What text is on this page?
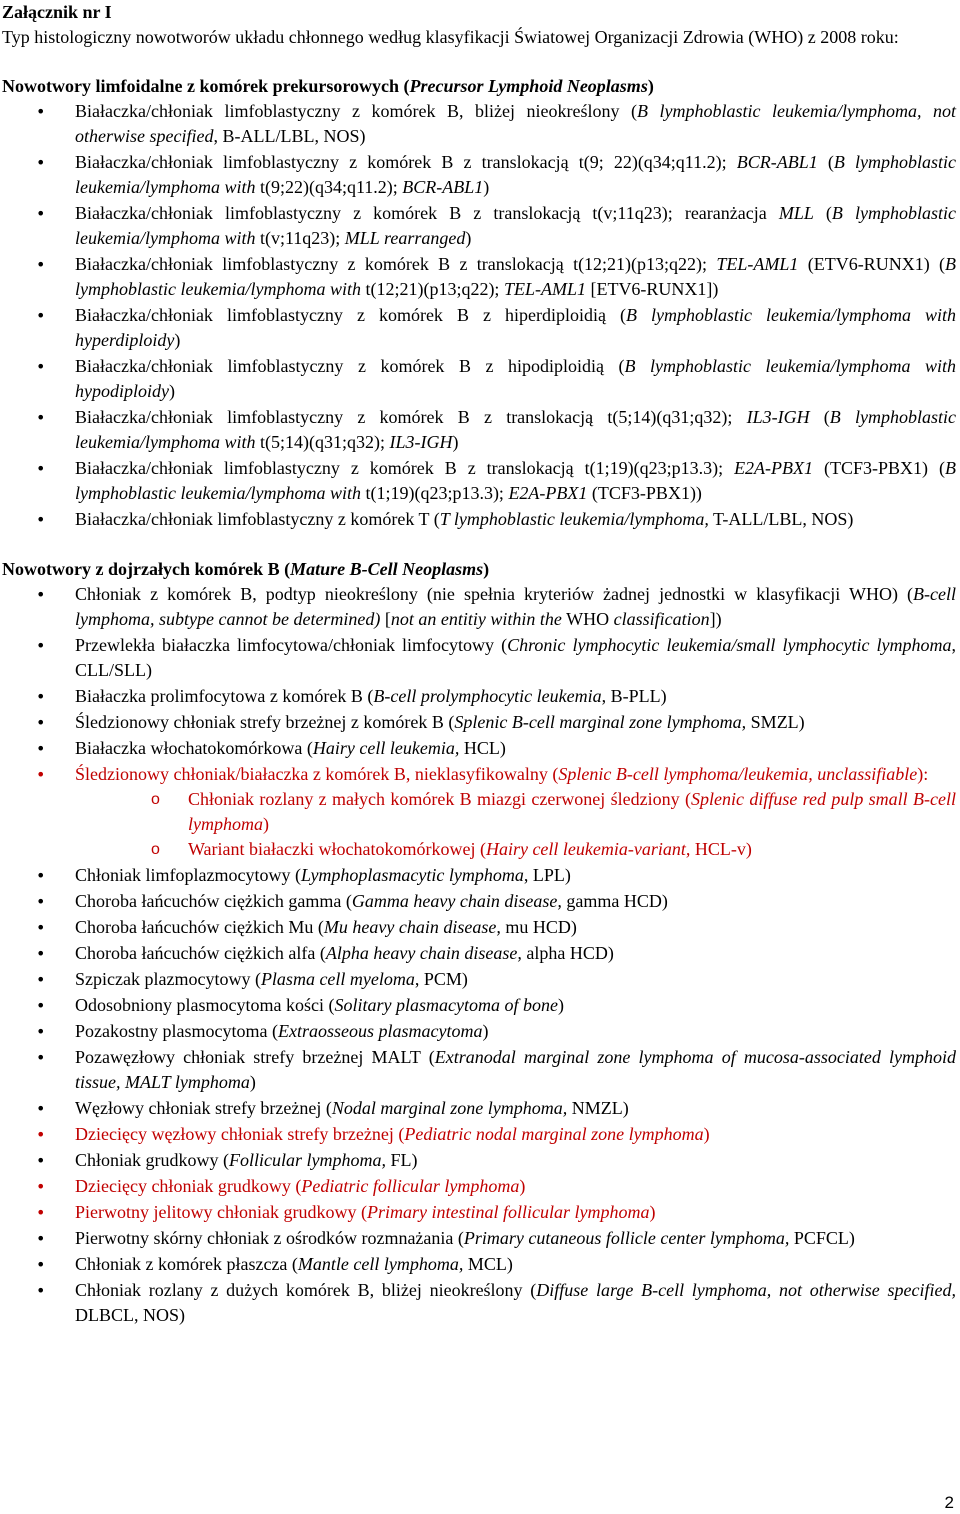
Załącznik nr I

Typ histologiczny nowotworów układu chłonnego według klasyfikacji Światowej Organizacji Zdrowia (WHO) z 2008 roku:

Nowotwory limfoidalne z komórek prekursorowych (Precursor Lymphoid Neoplasms)

• Białaczka/chłoniak limfoblastyczny z komórek B, bliżej nieokreślony (B lymphoblastic leukemia/lymphoma, not otherwise specified, B-ALL/LBL, NOS)
• Białaczka/chłoniak limfoblastyczny z komórek B z translokacją t(9; 22)(q34;q11.2); BCR-ABL1 (B lymphoblastic leukemia/lymphoma with t(9;22)(q34;q11.2); BCR-ABL1)
• Białaczka/chłoniak limfoblastyczny z komórek B z translokacją t(v;11q23); rearanżacja MLL (B lymphoblastic leukemia/lymphoma with t(v;11q23); MLL rearranged)
• Białaczka/chłoniak limfoblastyczny z komórek B z translokacją t(12;21)(p13;q22); TEL-AML1 (ETV6-RUNX1) (B lymphoblastic leukemia/lymphoma with t(12;21)(p13;q22); TEL-AML1 [ETV6-RUNX1])
• Białaczka/chłoniak limfoblastyczny z komórek B z hiperdiploidią (B lymphoblastic leukemia/lymphoma with hyperdiploidy)
• Białaczka/chłoniak limfoblastyczny z komórek B z hipodiploidią (B lymphoblastic leukemia/lymphoma with hypodiploidy)
• Białaczka/chłoniak limfoblastyczny z komórek B z translokacją t(5;14)(q31;q32); IL3-IGH (B lymphoblastic leukemia/lymphoma with t(5;14)(q31;q32); IL3-IGH)
• Białaczka/chłoniak limfoblastyczny z komórek B z translokacją t(1;19)(q23;p13.3); E2A-PBX1 (TCF3-PBX1) (B lymphoblastic leukemia/lymphoma with t(1;19)(q23;p13.3); E2A-PBX1 (TCF3-PBX1))
• Białaczka/chłoniak limfoblastyczny z komórek T (T lymphoblastic leukemia/lymphoma, T-ALL/LBL, NOS)

Nowotwory z dojrzałych komórek B (Mature B-Cell Neoplasms)

• Chłoniak z komórek B, podtyp nieokreślony (nie spełnia kryteriów żadnej jednostki w klasyfikacji WHO) (B-cell lymphoma, subtype cannot be determined) [not an entitiy within the WHO classification])
• Przewlekła białaczka limfocytowa/chłoniak limfocytowy (Chronic lymphocytic leukemia/small lymphocytic lymphoma, CLL/SLL)
• Białaczka prolimfocytowa z komórek B (B-cell prolymphocytic leukemia, B-PLL)
• Śledzionowy chłoniak strefy brzeżnej z komórek B (Splenic B-cell marginal zone lymphoma, SMZL)
• Białaczka włochatokomórkowa (Hairy cell leukemia, HCL)
• Śledzionowy chłoniak/białaczka z komórek B, nieklasyfikowalny (Splenic B-cell lymphoma/leukemia, unclassifiable):
o Chłoniak rozlany z małych komórek B miazgi czerwonej śledziony (Splenic diffuse red pulp small B-cell lymphoma)
o Wariant białaczki włochatokomórkowej (Hairy cell leukemia-variant, HCL-v)
• Chłoniak limfoplazmocytowy (Lymphoplasmacytic lymphoma, LPL)
• Choroba łańcuchów ciężkich gamma (Gamma heavy chain disease, gamma HCD)
• Choroba łańcuchów ciężkich Mu (Mu heavy chain disease, mu HCD)
• Choroba łańcuchów ciężkich alfa (Alpha heavy chain disease, alpha HCD)
• Szpiczak plazmocytowy (Plasma cell myeloma, PCM)
• Odosobniony plasmocytoma kości (Solitary plasmacytoma of bone)
• Pozakostny plasmocytoma (Extraosseous plasmacytoma)
• Pozawęzłowy chłoniak strefy brzeżnej MALT (Extranodal marginal zone lymphoma of mucosa-associated lymphoid tissue, MALT lymphoma)
• Węzłowy chłoniak strefy brzeżnej (Nodal marginal zone lymphoma, NMZL)
• Dziecięcy węzłowy chłoniak strefy brzeżnej (Pediatric nodal marginal zone lymphoma)
• Chłoniak grudkowy (Follicular lymphoma, FL)
• Dziecięcy chłoniak grudkowy (Pediatric follicular lymphoma)
• Pierwotny jelitowy chłoniak grudkowy (Primary intestinal follicular lymphoma)
• Pierwotny skórny chłoniak z ośrodków rozmnażania (Primary cutaneous follicle center lymphoma, PCFCL)
• Chłoniak z komórek płaszcza (Mantle cell lymphoma, MCL)
• Chłoniak rozlany z dużych komórek B, bliżej nieokreślony (Diffuse large B-cell lymphoma, not otherwise specified, DLBCL, NOS)
2
